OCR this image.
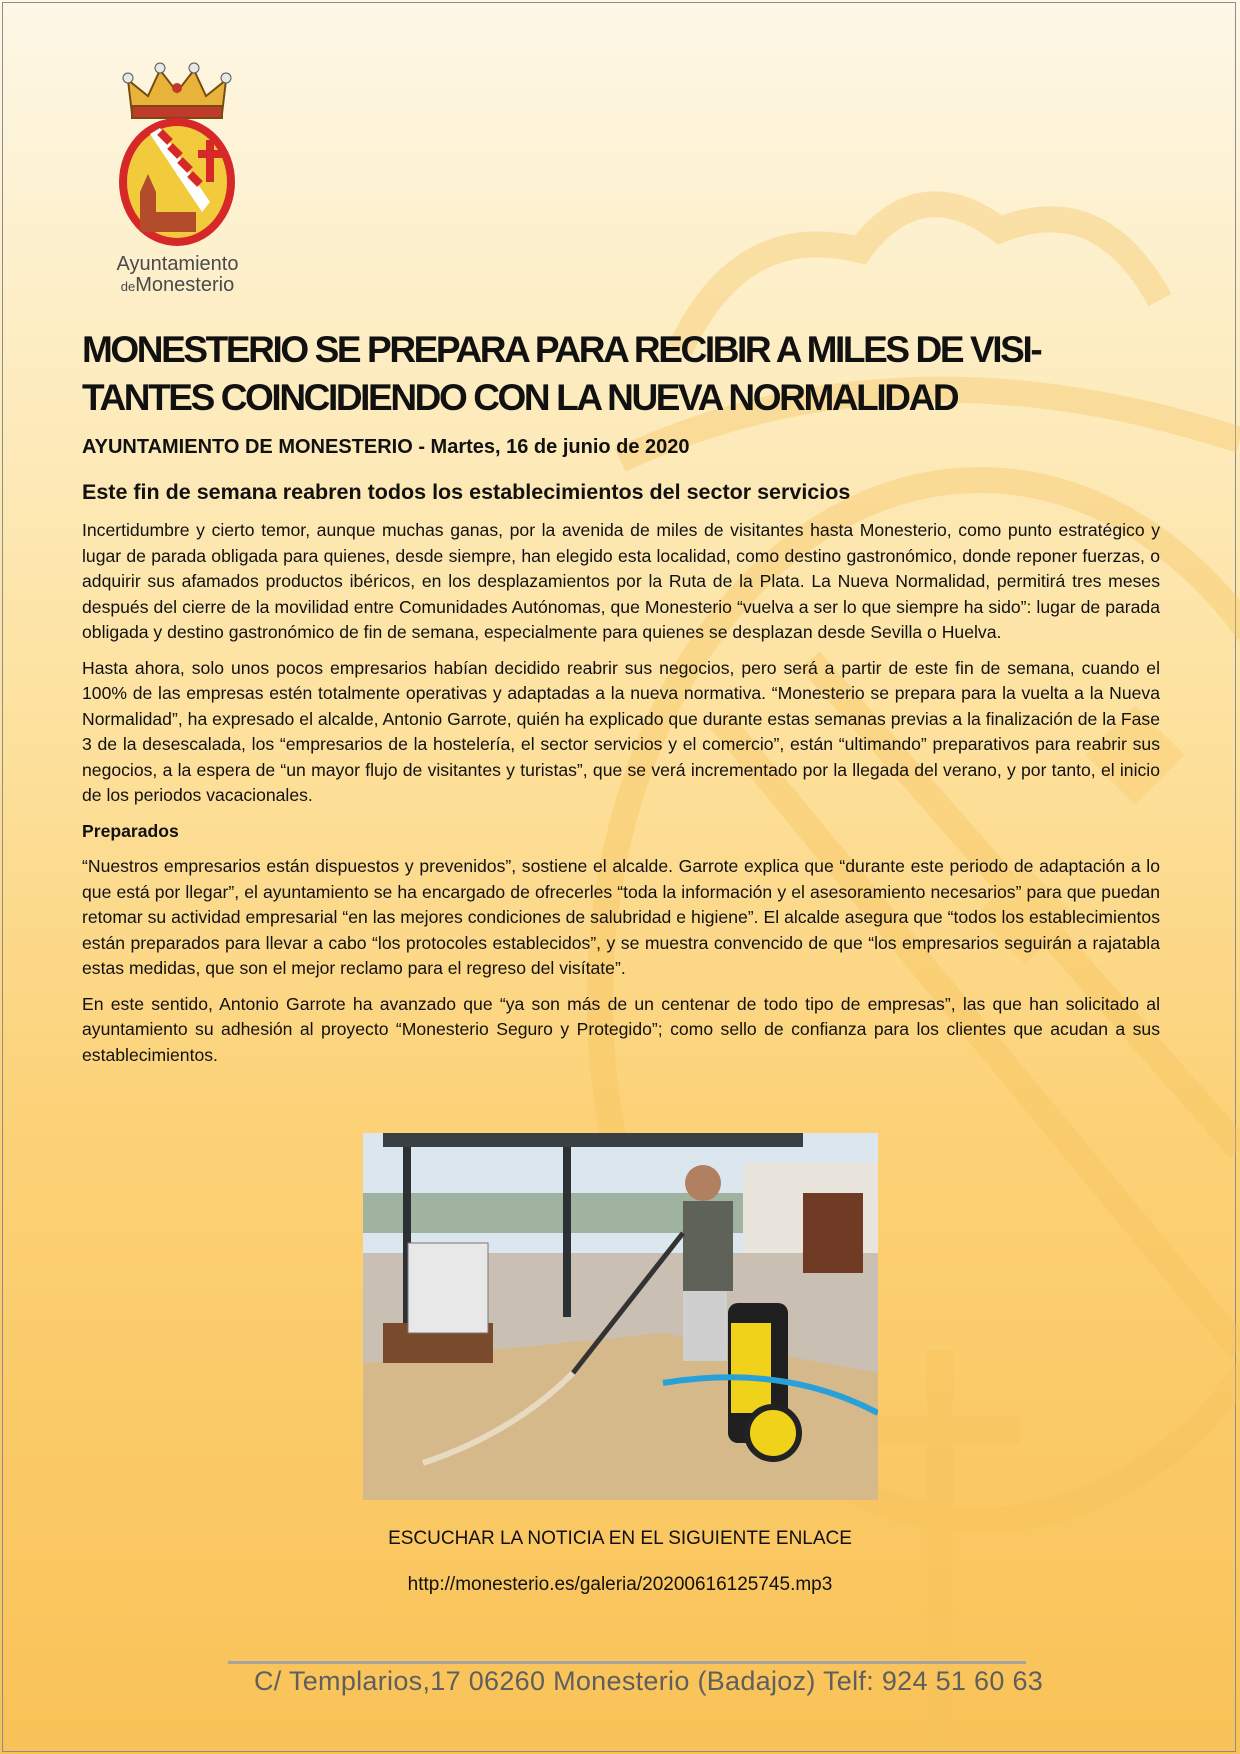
Ayuntamiento
deMonesterio
MONESTERIO SE PREPARA PARA RECIBIR A MILES DE VISI-TANTES COINCIDIENDO CON LA NUEVA NORMALIDAD

AYUNTAMIENTO DE MONESTERIO - Martes, 16 de junio de 2020

Este fin de semana reabren todos los establecimientos del sector servicios

Incertidumbre y cierto temor, aunque muchas ganas, por la avenida de miles de visitantes hasta Monesterio, como punto estratégico y lugar de parada obligada para quienes, desde siempre, han elegido esta localidad, como destino gastronómico, donde reponer fuerzas, o adquirir sus afamados productos ibéricos, en los desplazamientos por la Ruta de la Plata. La Nueva Normalidad, permitirá tres meses después del cierre de la movilidad entre Comunidades Autónomas, que Monesterio “vuelva a ser lo que siempre ha sido”: lugar de parada obligada y destino gastronómico de fin de semana, especialmente para quienes se desplazan desde Sevilla o Huelva.

Hasta ahora, solo unos pocos empresarios habían decidido reabrir sus negocios, pero será a partir de este fin de semana, cuando el 100% de las empresas estén totalmente operativas y adaptadas a la nueva normativa. “Monesterio se prepara para la vuelta a la Nueva Normalidad”, ha expresado el alcalde, Antonio Garrote, quién ha explicado que durante estas semanas previas a la finalización de la Fase 3 de la desescalada, los “empresarios de la hostelería, el sector servicios y el comercio”, están “ultimando” preparativos para reabrir sus negocios, a la espera de “un mayor flujo de visitantes y turistas”, que se verá incrementado por la llegada del verano, y por tanto, el inicio de los periodos vacacionales.

Preparados

“Nuestros empresarios están dispuestos y prevenidos”, sostiene el alcalde. Garrote explica que “durante este periodo de adaptación a lo que está por llegar”, el ayuntamiento se ha encargado de ofrecerles “toda la información y el asesoramiento necesarios” para que puedan retomar su actividad empresarial “en las mejores condiciones de salubridad e higiene”. El alcalde asegura que “todos los establecimientos están preparados para llevar a cabo “los protocoles establecidos”, y se muestra convencido de que “los empresarios seguirán a rajatabla estas medidas, que son el mejor reclamo para el regreso del visítate”.

En este sentido, Antonio Garrote ha avanzado que “ya son más de un centenar de todo tipo de empresas”, las que han solicitado al ayuntamiento su adhesión al proyecto “Monesterio Seguro y Protegido”; como sello de confianza para los clientes que acudan a sus establecimientos.

ESCUCHAR LA NOTICIA EN EL SIGUIENTE ENLACE
http://monesterio.es/galeria/20200616125745.mp3
C/ Templarios,17 06260 Monesterio (Badajoz) Telf: 924 51 60 63
